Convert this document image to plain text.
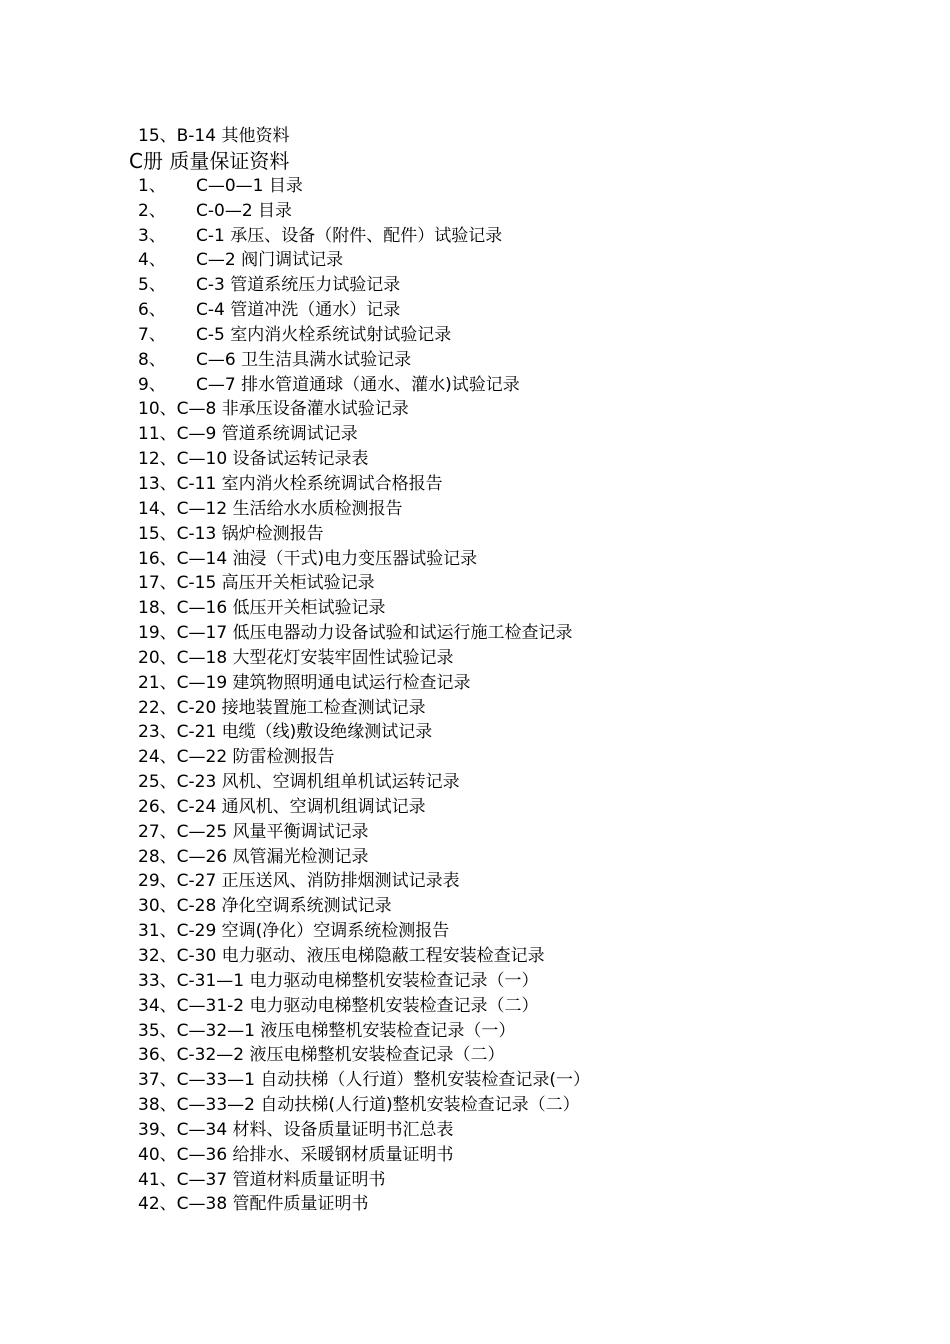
15、B-14 其他资料
C册 质量保证资料
1、 C—0—1 目录
2、 C-0—2 目录
3、 C-1 承压、设备（附件、配件）试验记录
4、 C—2 阀门调试记录
5、 C-3 管道系统压力试验记录
6、 C-4 管道冲洗（通水）记录
7、 C-5 室内消火栓系统试射试验记录
8、 C—6 卫生洁具满水试验记录
9、 C—7 排水管道通球（通水、灌水)试验记录
10、C—8 非承压设备灌水试验记录
11、C—9 管道系统调试记录
12、C—10 设备试运转记录表
13、C-11 室内消火栓系统调试合格报告
14、C—12 生活给水水质检测报告
15、C-13 锅炉检测报告
16、C—14 油浸（干式)电力变压器试验记录
17、C-15 高压开关柜试验记录
18、C—16 低压开关柜试验记录
19、C—17 低压电器动力设备试验和试运行施工检查记录
20、C—18 大型花灯安装牢固性试验记录
21、C—19 建筑物照明通电试运行检查记录
22、C-20 接地装置施工检查测试记录
23、C-21 电缆（线)敷设绝缘测试记录
24、C—22 防雷检测报告
25、C-23 风机、空调机组单机试运转记录
26、C-24 通风机、空调机组调试记录
27、C—25 风量平衡调试记录
28、C—26 凤管漏光检测记录
29、C-27 正压送风、消防排烟测试记录表
30、C-28 净化空调系统测试记录
31、C-29 空调(净化）空调系统检测报告
32、C-30 电力驱动、液压电梯隐蔽工程安装检查记录
33、C-31—1 电力驱动电梯整机安装检查记录（一）
34、C—31-2 电力驱动电梯整机安装检查记录（二）
35、C—32—1 液压电梯整机安装检查记录（一）
36、C-32—2 液压电梯整机安装检查记录（二）
37、C—33—1 自动扶梯（人行道）整机安装检查记录(一）
38、C—33—2 自动扶梯(人行道)整机安装检查记录（二）
39、C—34 材料、设备质量证明书汇总表
40、C—36 给排水、采暖钢材质量证明书
41、C—37 管道材料质量证明书
42、C—38 管配件质量证明书
